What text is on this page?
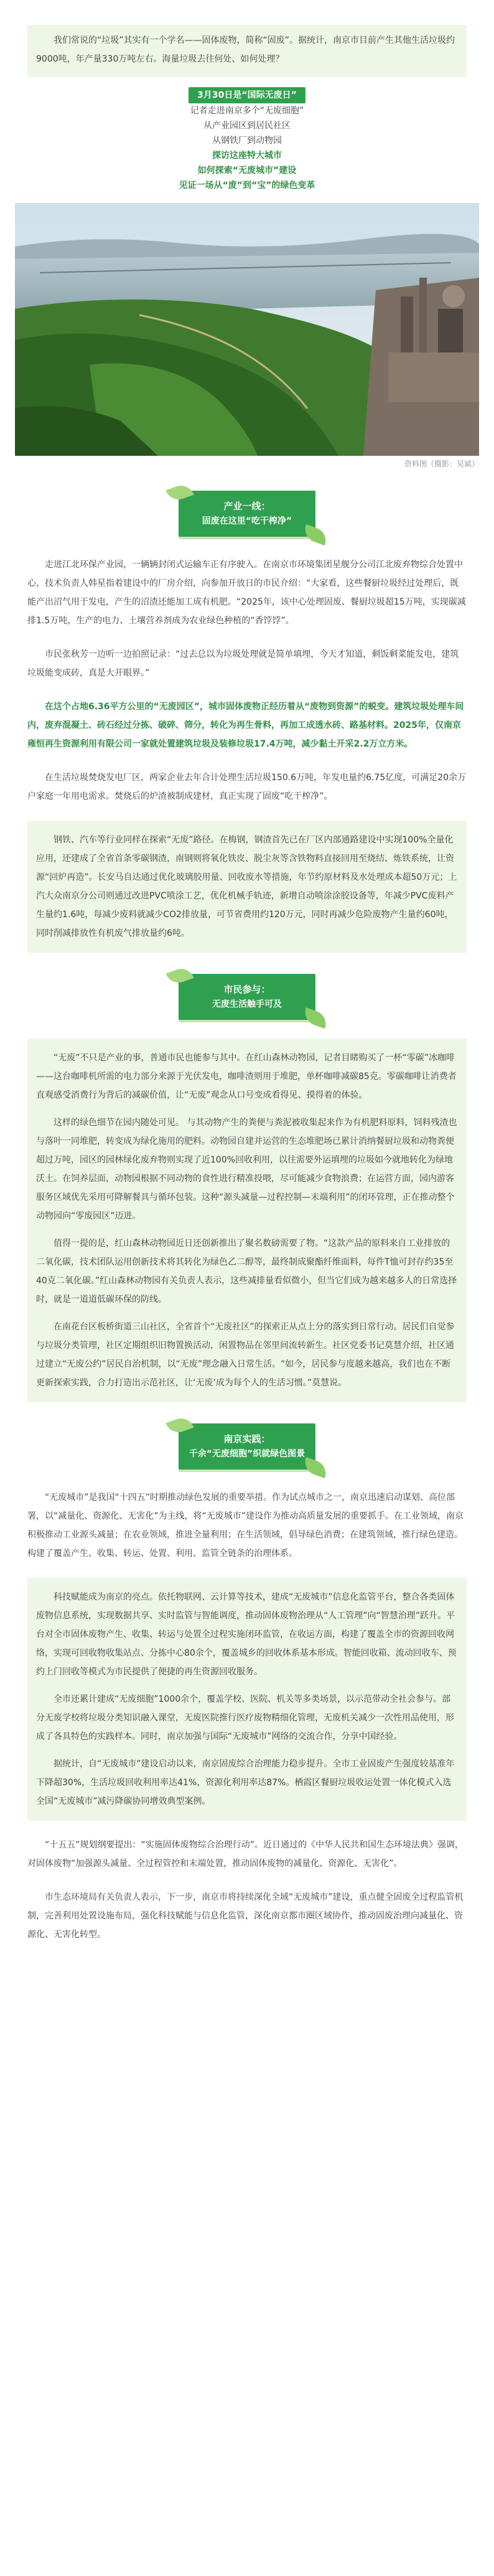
我们常说的“垃圾”其实有一个学名——固体废物，简称“固废”。据统计，南京市目前产生其他生活垃圾约9000吨，年产量330万吨左右。海量垃圾去往何处、如何处理？

3月30日是“国际无废日”
记者走进南京多个“无废细胞”
从产业园区到居民社区
从钢铁厂到动物园
探访这座特大城市
如何探索“无废城市”建设
见证一场从“废”到“宝”的绿色变革
资料图（摄影：吴斌）
产业一线：
固废在这里“吃干榨净”

走进江北环保产业园，一辆辆封闭式运输车正有序驶入。在南京市环境集团星舰分公司江北废弃物综合处置中心，技术负责人韩星指着建设中的厂房介绍，向参加开放日的市民介绍：“大家看，这些餐厨垃圾经过处理后，既能产出沼气用于发电，产生的沼渣还能加工成有机肥。“2025年，该中心处理固废、餐厨垃圾超15万吨，实现碳减排1.5万吨，生产的电力、土壤营养剂成为农业绿色种植的“香饽饽”。

市民张秋芳一边听一边拍照记录：“过去总以为垃圾处理就是简单填埋，今天才知道，剩饭剩菜能发电，建筑垃圾能变成砖，真是大开眼界。”

在这个占地6.36平方公里的“无废园区”，城市固体废物正经历着从“废物到资源”的蜕变。建筑垃圾处理车间内，废弃混凝土、砖石经过分拣、破碎、筛分，转化为再生骨料，再加工成透水砖、路基材料。2025年，仅南京雍恒再生资源利用有限公司一家就处置建筑垃圾及装修垃圾17.4万吨，减少黏土开采2.2万立方米。

在生活垃圾焚烧发电厂区，两家企业去年合计处理生活垃圾150.6万吨，年发电量约6.75亿度，可满足20余万户家庭一年用电需求。焚烧后的炉渣被制成建材，真正实现了固废“吃干榨净”。

钢铁、汽车等行业同样在探索“无废”路径。在梅钢，钢渣首先已在厂区内部通路建设中实现100%全量化应用，还建成了全省首条零碳钢渣，南钢则将氧化铁皮、脱尘灰等含铁物料直接回用至烧结、炼铁系统，让资源“回炉再造”。长安马自达通过优化玻璃胶用量、回收废水等措施，年节约原材料及水处理成本超50万元；上汽大众南京分公司则通过改进PVC喷涂工艺，优化机械手轨迹，新增自动喷涂涂胶设备等，年减少PVC废料产生量约1.6吨，每减少废料就减少CO2排放量，可节省费用约120万元，同时再减少危险废物产生量约60吨，同时削减排放性有机废气排放量约6吨。

市民参与：
无废生活触手可及

“无废”不只是产业的事，普通市民也能参与其中。在红山森林动物园，记者目睹购买了一杯“零碳”冰咖啡——这台咖啡机所需的电力部分来源于光伏发电，咖啡渣则用于堆肥，单杯咖啡减碳85克。零碳咖啡让消费者直观感受消费行为背后的减碳价值，让“无废”观念从口号变成看得见、摸得着的体验。

这样的绿色细节在园内随处可见。 与其动物产生的粪便与粪泥被收集起来作为有机肥料原料，饲料残渣也与落叶一同堆肥，转变成为绿化施用的肥料。动物园自建并运营的生态堆肥场已累计消纳餐厨垃圾和动物粪便超过万吨，园区的园林绿化废弃物则实现了近100%回收利用，以往需要外运填埋的垃圾如今就地转化为绿地沃土。在饲养层面，动物园根据不同动物的食性进行精准投喂，尽可能减少食物浪费；在运营方面，园内游客服务区域优先采用可降解餐具与循环包装。这种“源头减量—过程控制—末端利用”的闭环管理，正在推动整个动物园向“零废园区”迈进。

值得一提的是，红山森林动物园近日还创新推出了聚名数磅需要了物。“这款产品的原料来自工业排放的二氧化碳，技术团队运用创新技术将其转化为绿色乙二醇等，最终制成聚酯纤维面料，每件T恤可封存约35至40克二氧化碳。”红山森林动物园有关负责人表示，这些减排量看似微小，但当它们成为越来越多人的日常选择时，就是一道道低碳环保的防线。

在南花台区板桥街道三山社区，全省首个“无废社区”的探索正从点上分的落实到日常行动。居民们自觉参与垃圾分类管理，社区定期组织旧物置换活动，闲置物品在邻里间流转新生。社区党委书记莫慧介绍，社区通过建立“无废公约”居民自治机制，以“无废”理念融入日常生活。“如今，居民参与度越来越高，我们也在不断更新探索实践，合力打造出示范社区，让‘无废’成为每个人的生活习惯。”莫慧说。

南京实践：
千余“无废细胞”织就绿色图景

“无废城市”是我国“十四五”时期推动绿色发展的重要举措。作为试点城市之一，南京迅速启动谋划、高位部署，以“减量化、资源化、无害化”为主线，将“无废城市”建设作为推动高质量发展的重要抓手。在工业领域，南京积极推动工业源头减量；在农业领域，推进全量利用；在生活领域，倡导绿色消费；在建筑领域，推行绿色建造。构建了覆盖产生、收集、转运、处置、利用、监管全链条的治理体系。

科技赋能成为南京的亮点。依托物联网、云计算等技术，建成“无废城市”信息化监管平台，整合各类固体废物信息系统，实现数据共享、实时监管与智能调度，推动固体废物治理从“人工管理”向“智慧治理”跃升。平台对全市固体废物产生、收集、转运与处置全过程实施闭环监管，在收运方面，构建了覆盖全市的资源回收网络，实现可回收物收集站点、分拣中心80余个，覆盖城乡的回收体系基本形成。智能回收箱、流动回收车、预约上门回收等模式为市民提供了便捷的再生资源回收服务。

全市还累计建成“无废细胞”1000余个，覆盖学校、医院、机关等多类场景，以示范带动全社会参与。部分无废学校将垃圾分类知识融入课堂，无废医院推行医疗废物精细化管理，无废机关减少一次性用品使用，形成了各具特色的实践样本。同时，南京加强与国际“无废城市”网络的交流合作，分享中国经验。

据统计，自“无废城市”建设启动以来，南京固废综合治理能力稳步提升。全市工业固废产生强度较基准年下降超30%，生活垃圾回收利用率达41%，资源化利用率达87%。栖霞区餐厨垃圾收运处置一体化模式入选全国“无废城市”减污降碳协同增效典型案例。

“十五五”规划纲要提出：“实施固体废物综合治理行动”。近日通过的《中华人民共和国生态环境法典》强调，对固体废物“加强源头减量、全过程管控和末端处置，推动固体废物的减量化、资源化、无害化”。

市生态环境局有关负责人表示，下一步，南京市将持续深化全域“无废城市”建设，重点健全固废全过程监管机制，完善利用处置设施布局，强化科技赋能与信息化监管，深化南京都市圈区域协作，推动固废治理向减量化、资源化、无害化转型。
